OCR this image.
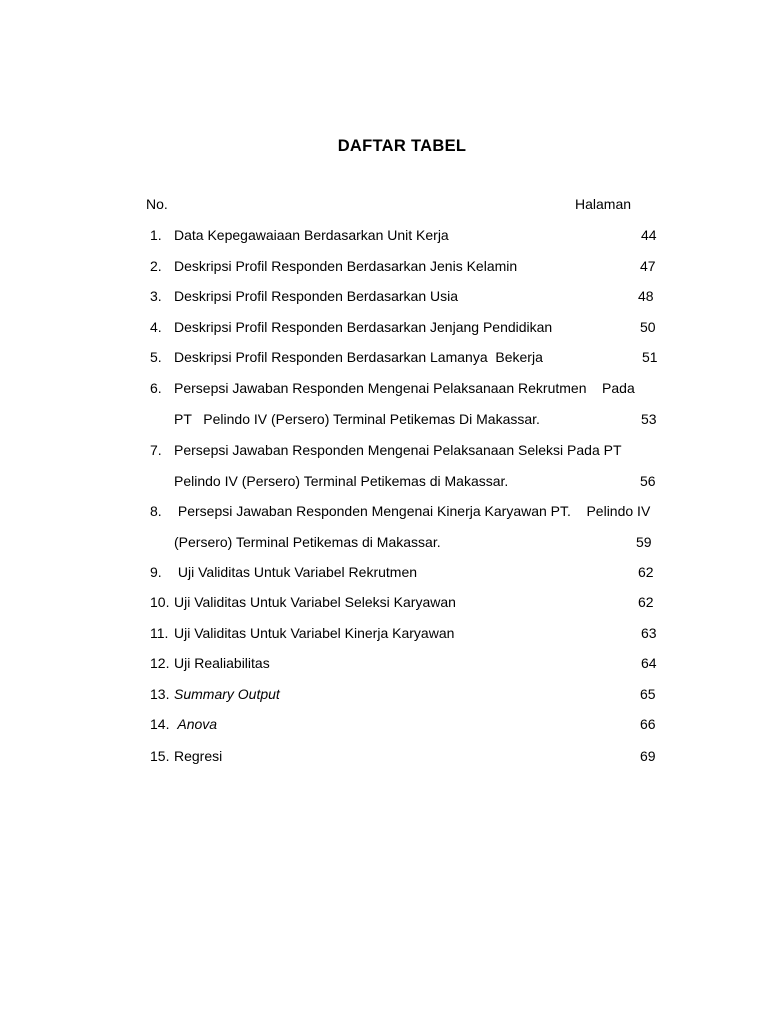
DAFTAR TABEL
No.	Halaman
1. Data Kepegawaiaan Berdasarkan Unit Kerja	44
2. Deskripsi Profil Responden Berdasarkan Jenis Kelamin	47
3. Deskripsi Profil Responden Berdasarkan Usia	48
4. Deskripsi Profil Responden Berdasarkan Jenjang Pendidikan	50
5. Deskripsi Profil Responden Berdasarkan Lamanya  Bekerja	51
6. Persepsi Jawaban Responden Mengenai Pelaksanaan Rekrutmen    Pada
PT   Pelindo IV (Persero) Terminal Petikemas Di Makassar.	53
7. Persepsi Jawaban Responden Mengenai Pelaksanaan Seleksi Pada PT
Pelindo IV (Persero) Terminal Petikemas di Makassar.	56
8. Persepsi Jawaban Responden Mengenai Kinerja Karyawan PT.    Pelindo IV
(Persero) Terminal Petikemas di Makassar.	59
9. Uji Validitas Untuk Variabel Rekrutmen	62
10. Uji Validitas Untuk Variabel Seleksi Karyawan	62
11. Uji Validitas Untuk Variabel Kinerja Karyawan	63
12. Uji Realiabilitas	64
13. Summary Output	65
14. Anova	66
15. Regresi	69
